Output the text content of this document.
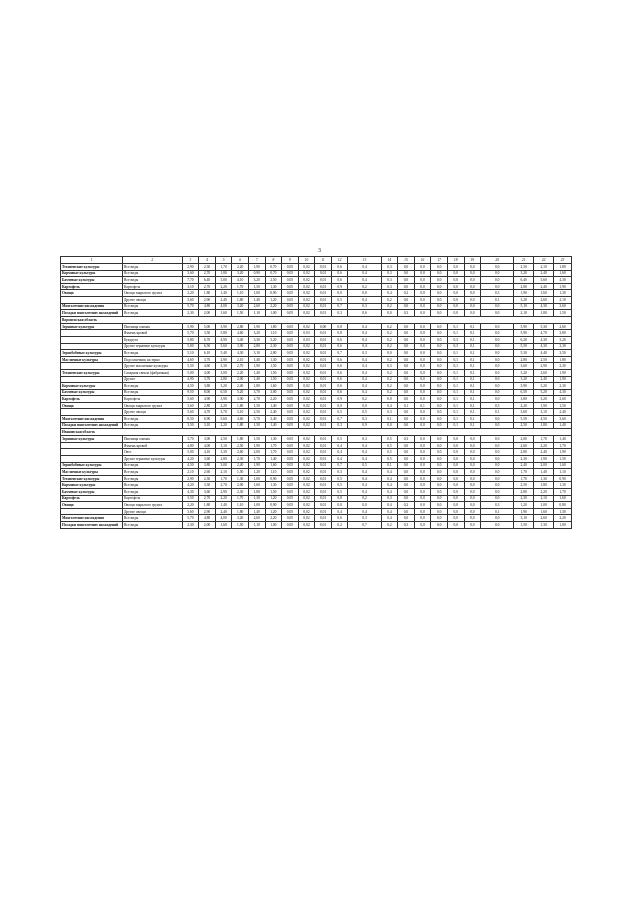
3
1	2	3	4	5	6	7	8	9	10	11	12	13	14	15	16	17	18	19	20	21	22	23
Технические культуры	Все виды	2,90	2,30	1,70	2,20	1,90	0,70	0,05	0,02	0,01	0,6	0,4	0,3	0,0	0,0	0,0	0,0	0,0	0,0	2,50	2,10	1,80
Кормовые культуры	Все виды	3,60	2,70	1,80	3,20	0,90	0,70	0,05	0,02	0,01	0,6	0,4	0,3	0,0	0,0	0,0	0,0	0,0	0,0	3,20	2,40	1,60
Бахчевые культуры	Все виды	7,70	6,40	5,00	4,10	3,20	2,50	0,05	0,02	0,01	0,6	0,4	0,3	0,0	0,0	0,0	0,0	0,0	0,0	6,40	5,60	4,30
Картофель	Картофель	3,10	2,70	2,20	1,70	1,50	1,30	0,05	0,02	0,01	0,9	0,2	0,3	0,0	0,0	0,0	0,0	0,0	0,0	2,80	2,40	1,90
Овощи	Овощи закрытого грунта	2,20	1,80	1,40	1,10	1,00	0,90	0,05	0,02	0,01	0,0	0,0	0,4	0,2	0,0	0,0	0,0	0,0	0,3	1,90	1,60	1,30
	Другие овощи	3,60	2,90	2,40	1,80	1,40	1,20	0,05	0,02	0,01	0,5	0,4	0,2	0,0	0,0	0,0	0,0	0,0	0,1	3,20	2,60	2,10
Многолетние насаждения	Все виды	5,70	4,80	4,00	3,20	2,60	2,20	0,05	0,02	0,01	0,7	0,3	0,2	0,0	0,0	0,0	0,0	0,0	0,0	5,10	4,30	3,60
Посадки многолетних насаждений	Все виды	2,30	2,00	1,60	1,50	1,10	1,00	0,05	0,02	0,01	0,3	0,6	0,0	0,3	0,0	0,0	0,0	0,0	0,0	2,10	1,80	1,50
Воронежская область																						
Зерновые культуры	Пшеница озимая	5,90	5,00	3,90	2,80	1,90	1,80	0,05	0,02	0,00	0,8	0,4	0,2	0,0	0,0	0,0	0,1	0,1	0,0	5,90	5,30	2,60
	Ячмень яровой	5,70	3,50	5,80	4,60	3,20	1,10	0,05	0,03	0,01	0,8	0,4	0,2	0,0	0,0	0,0	0,1	0,1	0,0	5,90	4,70	3,80
	Кукуруза	5,80	6,70	4,90	3,40	3,30	3,20	0,05	0,03	0,01	0,6	0,4	0,2	0,0	0,0	0,0	0,3	0,1	0,0	6,20	4,30	3,20
	Другие зерновые культуры	5,00	6,50	5,60	3,90	2,80	2,30	0,05	0,02	0,01	0,6	0,4	0,2	0,0	0,0	0,0	0,3	0,1	0,0	5,50	4,30	3,30
Зернобобовые культуры	Все виды	5,10	6,10	5,40	4,30	3,10	2,80	0,05	0,02	0,01	0,7	0,3	0,0	0,0	0,0	0,0	0,1	0,1	0,0	5,30	4,40	3,50
Масличные культуры	Подсолнечник на зерно	4,60	3,70	2,90	2,10	1,40	1,30	0,05	0,02	0,01	0,6	0,4	0,2	0,0	0,0	0,0	0,1	0,1	0,0	2,80	2,50	1,80
	Другие масличные культуры	5,50	4,60	3,30	2,70	1,90	1,50	0,05	0,02	0,01	0,6	0,4	0,3	0,0	0,0	0,0	0,1	0,1	0,0	3,60	2,90	2,30
Технические культуры	Сахарная свекла (фабричная)	5,00	4,00	3,00	2,20	1,40	1,50	0,05	0,02	0,01	0,6	0,4	0,2	0,0	0,0	0,0	0,1	0,1	0,0	3,20	2,60	1,90
	Другие	4,90	3,70	2,80	2,00	1,40	1,50	0,05	0,02	0,01	0,6	0,4	0,2	0,0	0,0	0,0	0,1	0,1	0,0	3,20	2,40	1,90
Кормовые культуры	Все виды	4,50	3,80	3,20	2,40	1,80	1,60	0,05	0,02	0,01	0,6	0,4	0,2	0,0	0,0	0,0	0,1	0,1	0,0	3,90	3,20	2,30
Бахчевые культуры	Все виды	9,50	8,00	6,50	5,20	3,70	3,00	0,05	0,02	0,01	0,6	0,4	0,2	0,0	0,0	0,0	0,1	0,1	0,0	6,50	5,20	4,30
Картофель	Картофель	5,60	4,90	3,90	3,00	2,70	2,20	0,05	0,02	0,01	0,9	0,2	0,0	0,0	0,0	0,0	0,1	0,1	0,0	3,80	3,20	2,60
Овощи	Овощи закрытого грунта	3,60	2,80	2,20	1,80	1,50	1,40	0,05	0,02	0,01	0,0	0,0	0,4	0,1	0,1	0,0	0,1	0,1	0,5	2,20	1,90	1,50
	Другие овощи	5,60	4,70	3,70	3,10	2,50	2,40	0,05	0,02	0,01	0,5	0,5	0,3	0,0	0,0	0,0	0,1	0,1	0,1	3,60	3,10	2,40
Многолетние насаждения	Все виды	8,50	6,90	5,60	4,60	3,70	3,40	0,05	0,02	0,01	0,7	0,3	0,1	0,0	0,0	0,0	0,1	0,1	0,0	5,50	4,50	3,60
Посадки многолетних насаждений	Все виды	3,50	3,10	2,20	1,80	1,50	1,40	0,05	0,02	0,01	0,3	0,9	0,0	0,0	0,0	0,0	0,1	0,1	0,0	2,50	1,80	1,40
Ивановская область																						
Зерновые культуры	Пшеница озимая	3,70	3,00	2,50	1,80	1,50	1,30	0,05	0,02	0,01	0,5	0,3	0,5	0,3	0,0	0,0	0,0	0,0	0,0	2,00	1,70	1,40
	Ячмень яровой	4,80	4,00	3,10	2,50	1,90	1,70	0,05	0,02	0,01	0,4	0,4	0,5	0,0	0,0	0,0	0,0	0,0	0,0	2,60	2,20	1,70
	Овес	5,00	4,10	3,30	2,60	2,00	1,70	0,05	0,02	0,01	0,4	0,4	0,5	0,0	0,0	0,0	0,0	0,0	0,0	2,80	2,40	1,90
	Другие зерновые культуры	4,20	3,60	2,80	2,30	1,70	1,40	0,05	0,02	0,01	0,4	0,4	0,5	0,0	0,0	0,0	0,0	0,0	0,0	2,30	1,90	1,50
Зернобобовые культуры	Все виды	4,50	3,80	3,00	2,40	1,90	1,60	0,05	0,02	0,01	0,7	0,5	0,1	0,0	0,0	0,0	0,0	0,0	0,0	2,40	2,00	1,60
Масличные культуры	Все виды	2,10	2,60	2,10	1,50	1,20	1,10	0,05	0,02	0,01	0,3	0,4	0,4	0,0	0,0	0,0	0,0	0,0	0,0	1,70	1,40	1,10
Технические культуры	Все виды	2,90	2,30	1,70	1,30	1,00	0,90	0,05	0,02	0,01	0,5	0,4	0,4	0,0	0,0	0,0	0,0	0,0	0,0	1,70	1,30	0,90
Кормовые культуры	Все виды	4,20	3,30	2,70	2,00	1,60	1,30	0,05	0,02	0,01	0,5	0,4	0,4	0,0	0,0	0,0	0,0	0,0	0,0	2,50	1,80	1,30
Бахчевые культуры	Все виды	4,30	3,60	2,90	2,30	1,80	1,50	0,05	0,02	0,01	0,5	0,4	0,4	0,0	0,0	0,0	0,0	0,0	0,0	2,80	2,20	1,70
Картофель	Картофель	3,50	2,70	2,20	1,70	1,30	1,20	0,05	0,02	0,01	0,8	0,2	0,3	0,0	0,0	0,0	0,0	0,0	0,0	2,30	2,10	1,60
Овощи	Овощи закрытого грунта	2,20	1,80	1,40	1,10	1,00	0,90	0,05	0,02	0,01	0,0	0,0	0,4	0,2	0,0	0,0	0,0	0,0	0,3	1,20	1,00	0,80
	Другие овощи	3,60	2,90	2,40	1,80	1,40	1,20	0,05	0,02	0,01	0,4	0,4	0,4	0,0	0,0	0,0	0,0	0,0	0,1	1,90	1,60	1,30
Многолетние насаждения	Все виды	5,70	4,80	4,00	3,20	2,60	2,20	0,05	0,02	0,01	0,6	0,3	0,4	0,0	0,0	0,0	0,0	0,0	0,0	3,10	2,60	2,20
Посадки многолетних насаждений	Все виды	2,30	2,00	1,60	1,50	1,10	1,00	0,05	0,02	0,01	0,2	0,7	0,2	0,3	0,0	0,0	0,0	0,0	0,0	1,50	1,30	1,00
